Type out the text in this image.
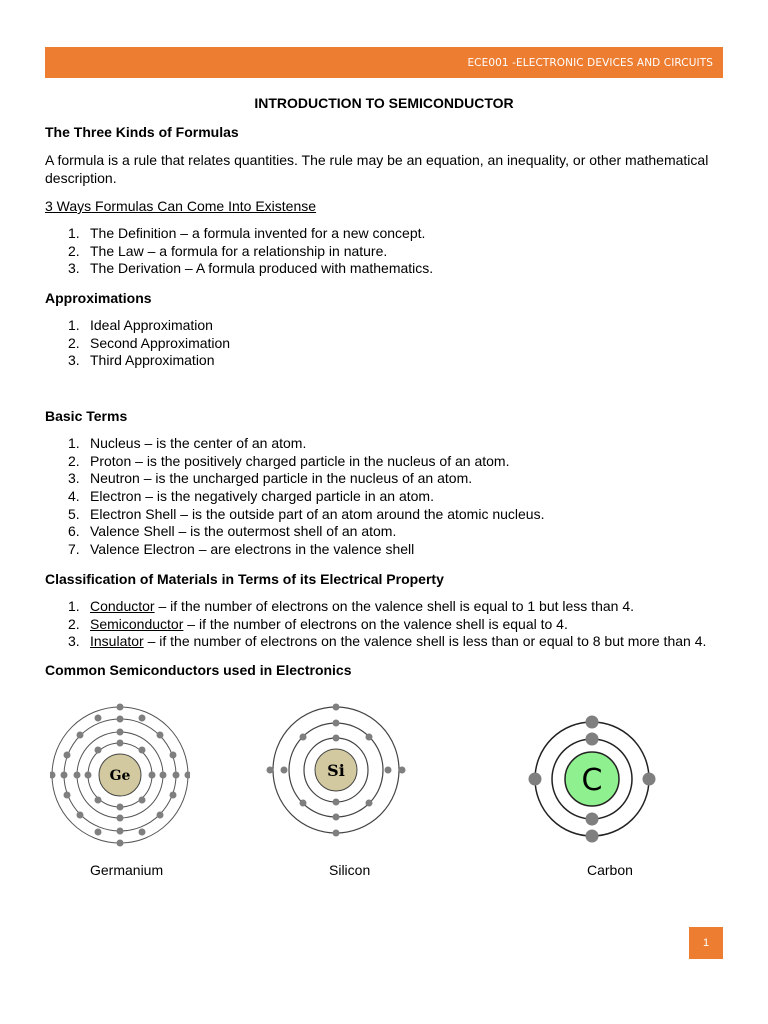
ECE001 -ELECTRONIC DEVICES AND CIRCUITS
INTRODUCTION TO SEMICONDUCTOR
The Three Kinds of Formulas
A formula is a rule that relates quantities. The rule may be an equation, an inequality, or other mathematical
description.
3 Ways Formulas Can Come Into Existense
1. The Definition – a formula invented for a new concept.
2. The Law – a formula for a relationship in nature.
3. The Derivation – A formula produced with mathematics.
Approximations
1. Ideal Approximation
2. Second Approximation
3. Third Approximation
Basic Terms
1. Nucleus – is the center of an atom.
2. Proton – is the positively charged particle in the nucleus of an atom.
3. Neutron – is the uncharged particle in the nucleus of an atom.
4. Electron – is the negatively charged particle in an atom.
5. Electron Shell – is the outside part of an atom around the atomic nucleus.
6. Valence Shell – is the outermost shell of an atom.
7. Valence Electron – are electrons in the valence shell
Classification of Materials in Terms of its Electrical Property
1. Conductor – if the number of electrons on the valence shell is equal to 1 but less than 4.
2. Semiconductor – if the number of electrons on the valence shell is equal to 4.
3. Insulator – if the number of electrons on the valence shell is less than or equal to 8 but more than 4.
Common Semiconductors used in Electronics
Ge	Si	C
Germanium	Silicon	Carbon
1
